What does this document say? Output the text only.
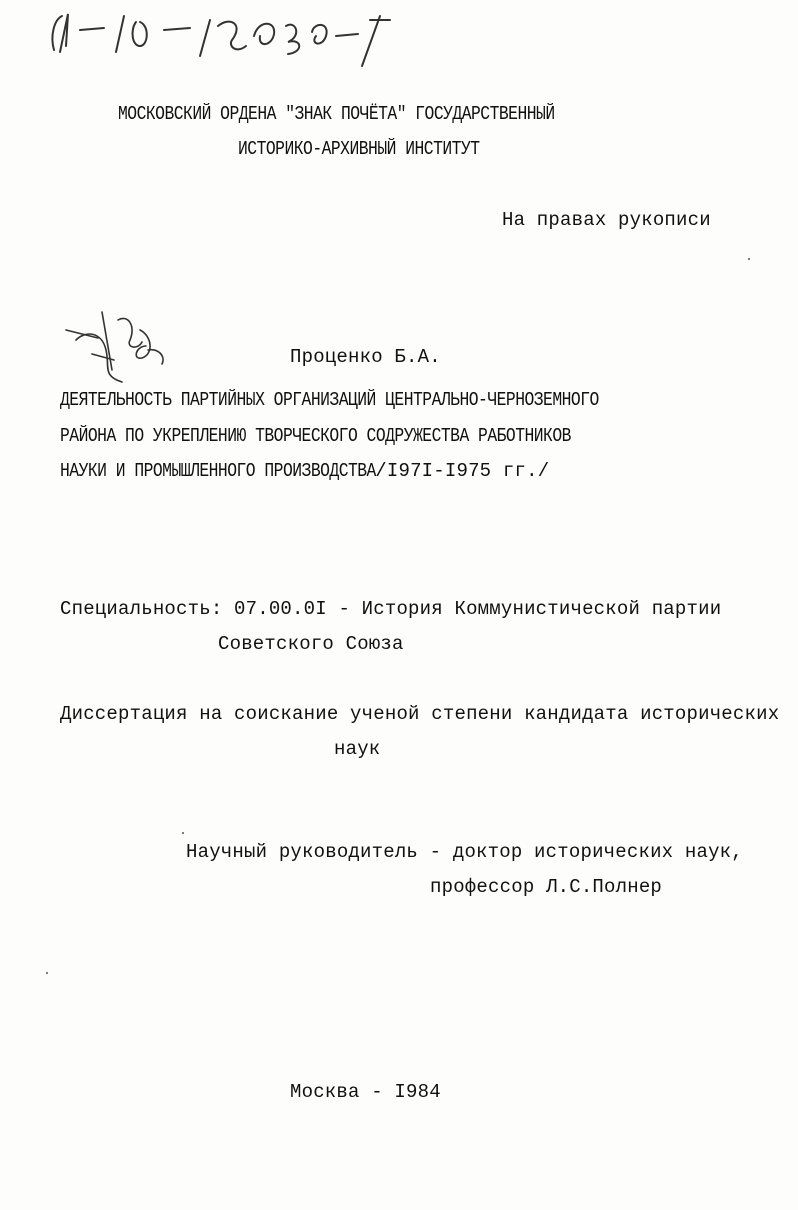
МОСКОВСКИЙ ОРДЕНА "ЗНАК ПОЧЁТА" ГОСУДАРСТВЕННЫЙ
ИСТОРИКО-АРХИВНЫЙ ИНСТИТУТ
На правах рукописи
Проценко Б.А.
ДЕЯТЕЛЬНОСТЬ ПАРТИЙНЫХ ОРГАНИЗАЦИЙ ЦЕНТРАЛЬНО-ЧЕРНОЗЕМНОГО
РАЙОНА ПО УКРЕПЛЕНИЮ ТВОРЧЕСКОГО СОДРУЖЕСТВА РАБОТНИКОВ
НАУКИ И ПРОМЫШЛЕННОГО ПРОИЗВОДСТВА/I97I-I975 гг./
Специальность: 07.00.0I - История Коммунистической партии
Советского Союза
Диссертация на соискание ученой степени кандидата исторических
наук
Научный руководитель - доктор исторических наук,
профессор Л.С.Полнер
Москва - I984
